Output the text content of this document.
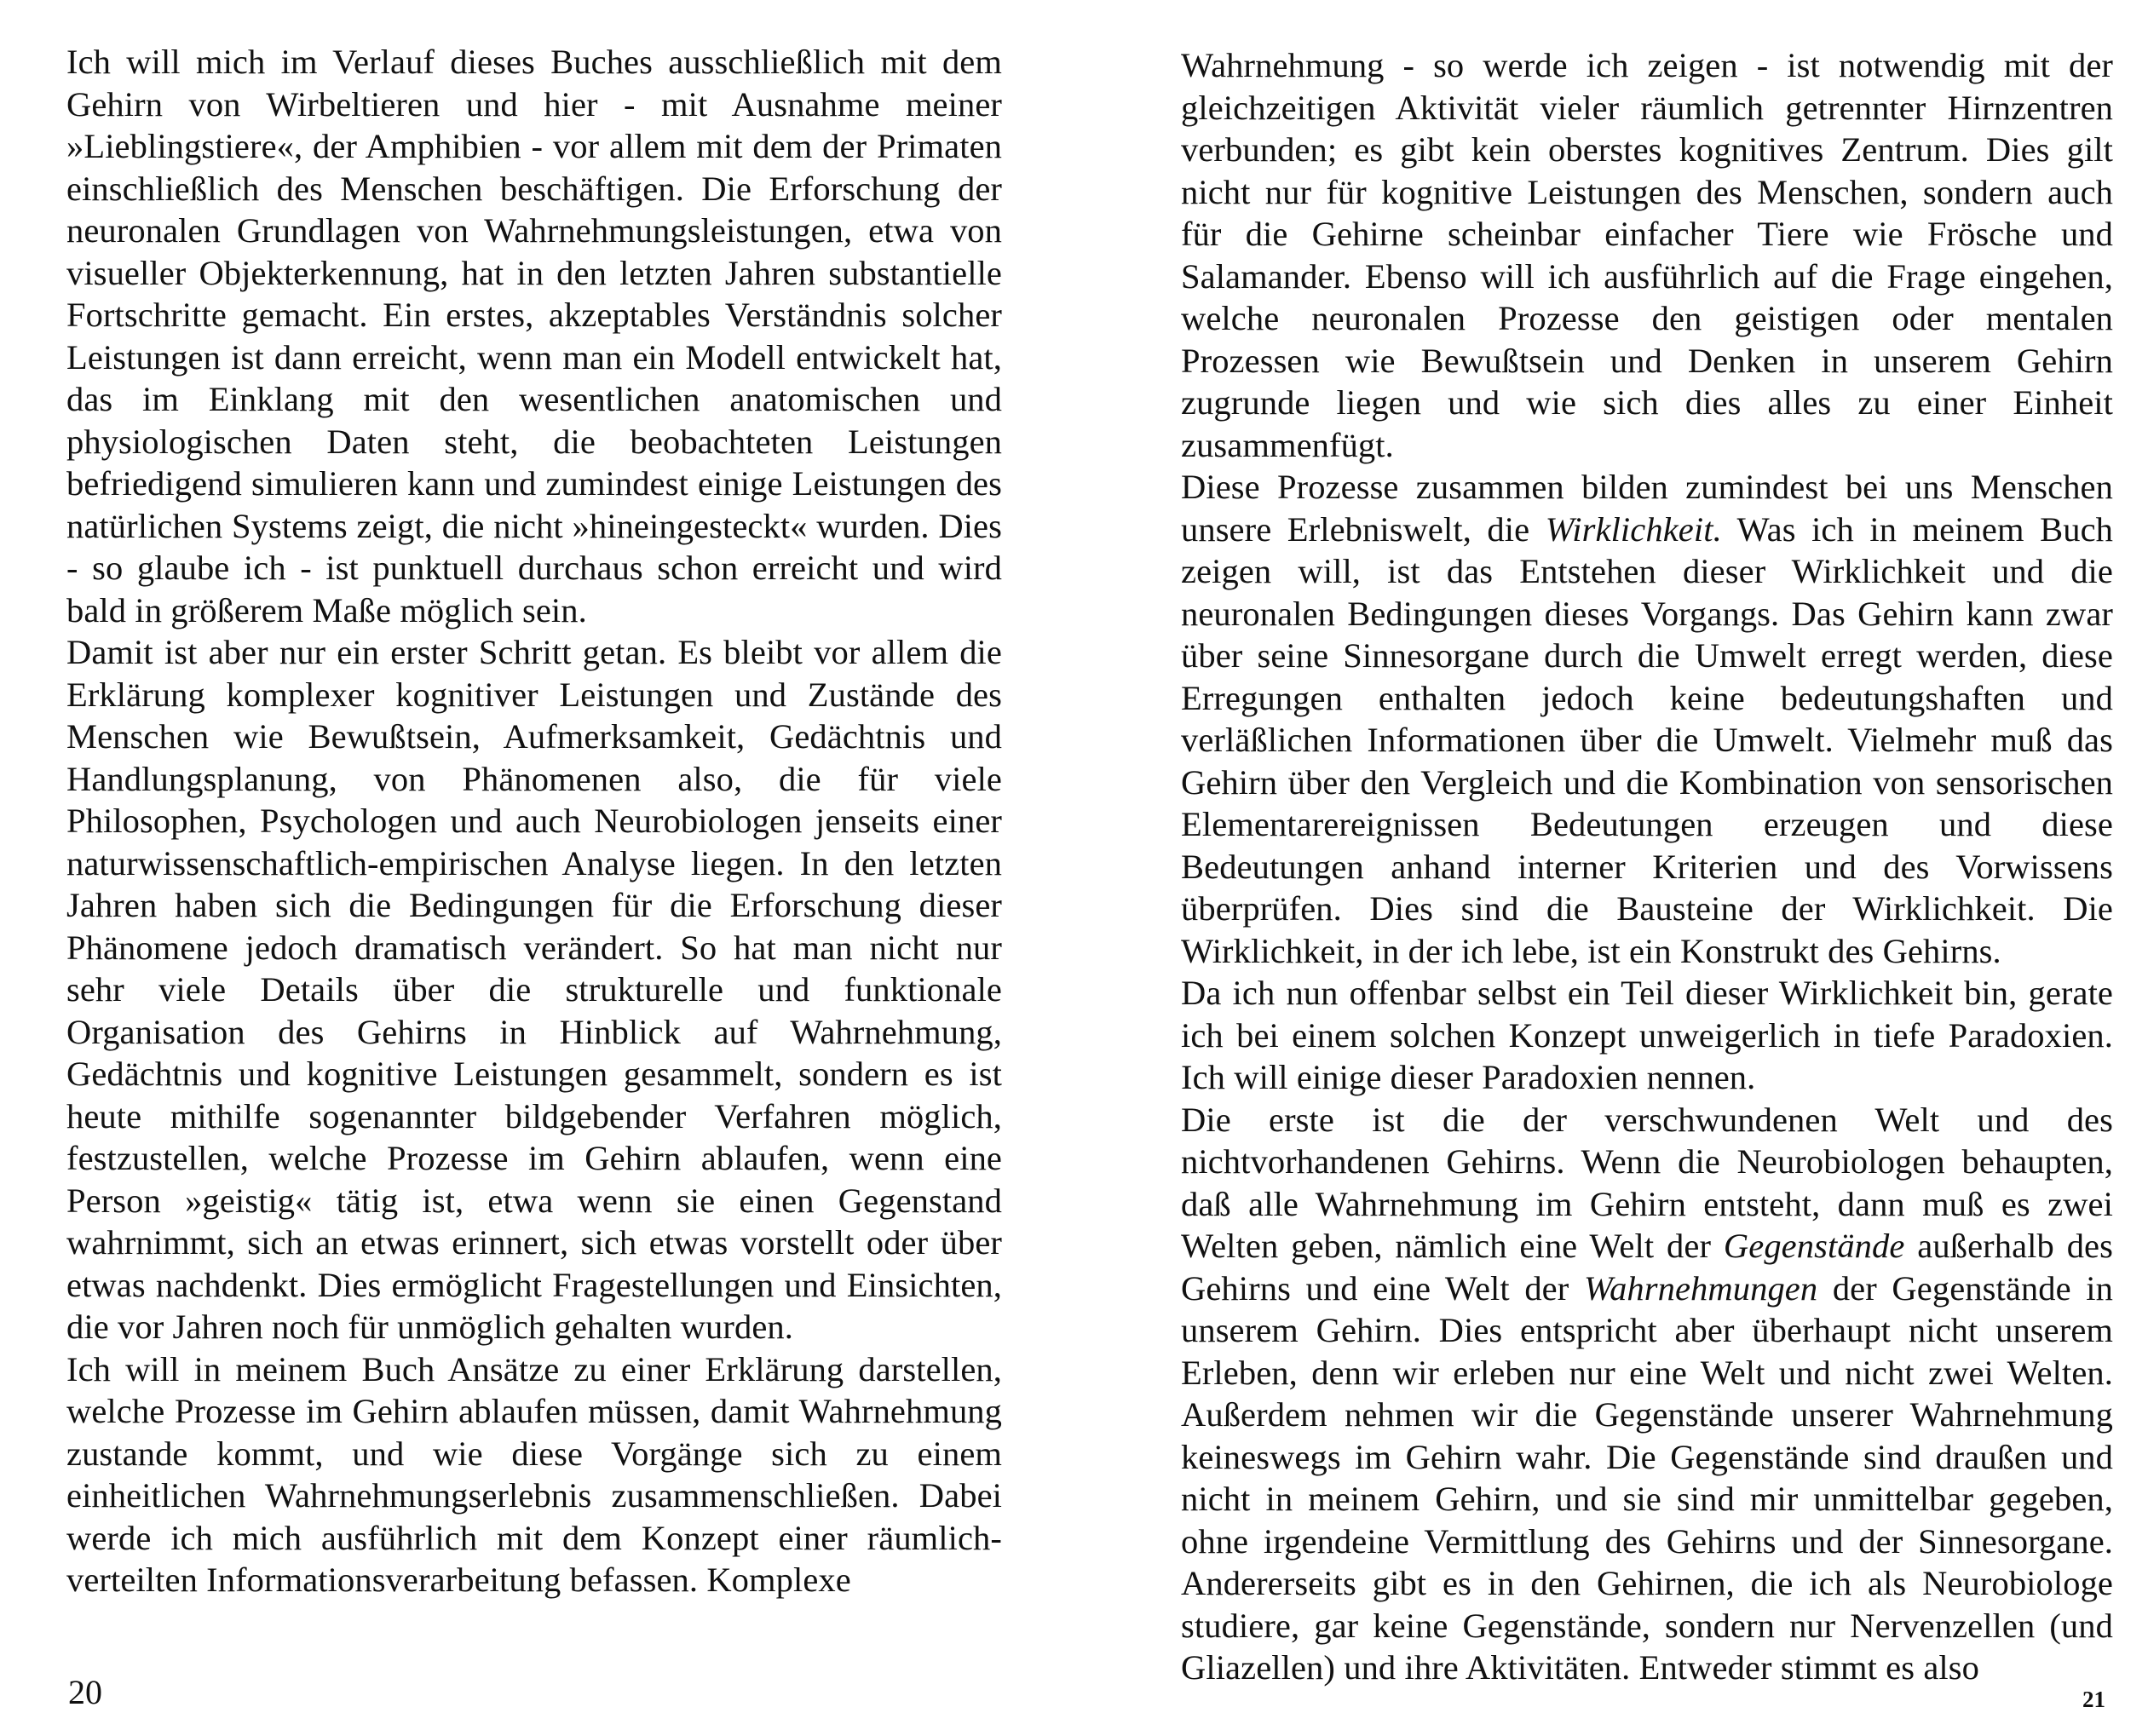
Ich will mich im Verlauf dieses Buches ausschließlich mit dem Gehirn von Wirbeltieren und hier - mit Ausnahme meiner »Lieblingstiere«, der Amphibien - vor allem mit dem der Primaten einschließlich des Menschen beschäftigen. Die Erforschung der neuronalen Grundlagen von Wahrnehmungsleistungen, etwa von visueller Objekterkennung, hat in den letzten Jahren substantielle Fortschritte gemacht. Ein erstes, akzeptables Verständnis solcher Leistungen ist dann erreicht, wenn man ein Modell entwickelt hat, das im Einklang mit den wesentlichen anatomischen und physiologischen Daten steht, die beobachteten Leistungen befriedigend simulieren kann und zumindest einige Leistungen des natürlichen Systems zeigt, die nicht »hineingesteckt« wurden. Dies - so glaube ich - ist punktuell durchaus schon erreicht und wird bald in größerem Maße möglich sein.

Damit ist aber nur ein erster Schritt getan. Es bleibt vor allem die Erklärung komplexer kognitiver Leistungen und Zustände des Menschen wie Bewußtsein, Aufmerksamkeit, Gedächtnis und Handlungsplanung, von Phänomenen also, die für viele Philosophen, Psychologen und auch Neurobiologen jenseits einer naturwissenschaftlich-empirischen Analyse liegen. In den letzten Jahren haben sich die Bedingungen für die Erforschung dieser Phänomene jedoch dramatisch verändert. So hat man nicht nur sehr viele Details über die strukturelle und funktionale Organisation des Gehirns in Hinblick auf Wahrnehmung, Gedächtnis und kognitive Leistungen gesammelt, sondern es ist heute mithilfe sogenannter bildgebender Verfahren möglich, festzustellen, welche Prozesse im Gehirn ablaufen, wenn eine Person »geistig« tätig ist, etwa wenn sie einen Gegenstand wahrnimmt, sich an etwas erinnert, sich etwas vorstellt oder über etwas nachdenkt. Dies ermöglicht Fragestellungen und Einsichten, die vor Jahren noch für unmöglich gehalten wurden.

Ich will in meinem Buch Ansätze zu einer Erklärung darstellen, welche Prozesse im Gehirn ablaufen müssen, damit Wahrnehmung zustande kommt, und wie diese Vorgänge sich zu einem einheitlichen Wahrnehmungserlebnis zusammenschließen. Dabei werde ich mich ausführlich mit dem Konzept einer räumlich-verteilten Informationsverarbeitung befassen. Komplexe

20

Wahrnehmung - so werde ich zeigen - ist notwendig mit der gleichzeitigen Aktivität vieler räumlich getrennter Hirnzentren verbunden; es gibt kein oberstes kognitives Zentrum. Dies gilt nicht nur für kognitive Leistungen des Menschen, sondern auch für die Gehirne scheinbar einfacher Tiere wie Frösche und Salamander. Ebenso will ich ausführlich auf die Frage eingehen, welche neuronalen Prozesse den geistigen oder mentalen Prozessen wie Bewußtsein und Denken in unserem Gehirn zugrunde liegen und wie sich dies alles zu einer Einheit zusammenfügt.

Diese Prozesse zusammen bilden zumindest bei uns Menschen unsere Erlebniswelt, die Wirklichkeit. Was ich in meinem Buch zeigen will, ist das Entstehen dieser Wirklichkeit und die neuronalen Bedingungen dieses Vorgangs. Das Gehirn kann zwar über seine Sinnesorgane durch die Umwelt erregt werden, diese Erregungen enthalten jedoch keine bedeutungshaften und verläßlichen Informationen über die Umwelt. Vielmehr muß das Gehirn über den Vergleich und die Kombination von sensorischen Elementarereignissen Bedeutungen erzeugen und diese Bedeutungen anhand interner Kriterien und des Vorwissens überprüfen. Dies sind die Bausteine der Wirklichkeit. Die Wirklichkeit, in der ich lebe, ist ein Konstrukt des Gehirns.

Da ich nun offenbar selbst ein Teil dieser Wirklichkeit bin, gerate ich bei einem solchen Konzept unweigerlich in tiefe Paradoxien. Ich will einige dieser Paradoxien nennen.

Die erste ist die der verschwundenen Welt und des nichtvorhandenen Gehirns. Wenn die Neurobiologen behaupten, daß alle Wahrnehmung im Gehirn entsteht, dann muß es zwei Welten geben, nämlich eine Welt der Gegenstände außerhalb des Gehirns und eine Welt der Wahrnehmungen der Gegenstände in unserem Gehirn. Dies entspricht aber überhaupt nicht unserem Erleben, denn wir erleben nur eine Welt und nicht zwei Welten. Außerdem nehmen wir die Gegenstände unserer Wahrnehmung keineswegs im Gehirn wahr. Die Gegenstände sind draußen und nicht in meinem Gehirn, und sie sind mir unmittelbar gegeben, ohne irgendeine Vermittlung des Gehirns und der Sinnesorgane. Andererseits gibt es in den Gehirnen, die ich als Neurobiologe studiere, gar keine Gegenstände, sondern nur Nervenzellen (und Gliazellen) und ihre Aktivitäten. Entweder stimmt es also

21
